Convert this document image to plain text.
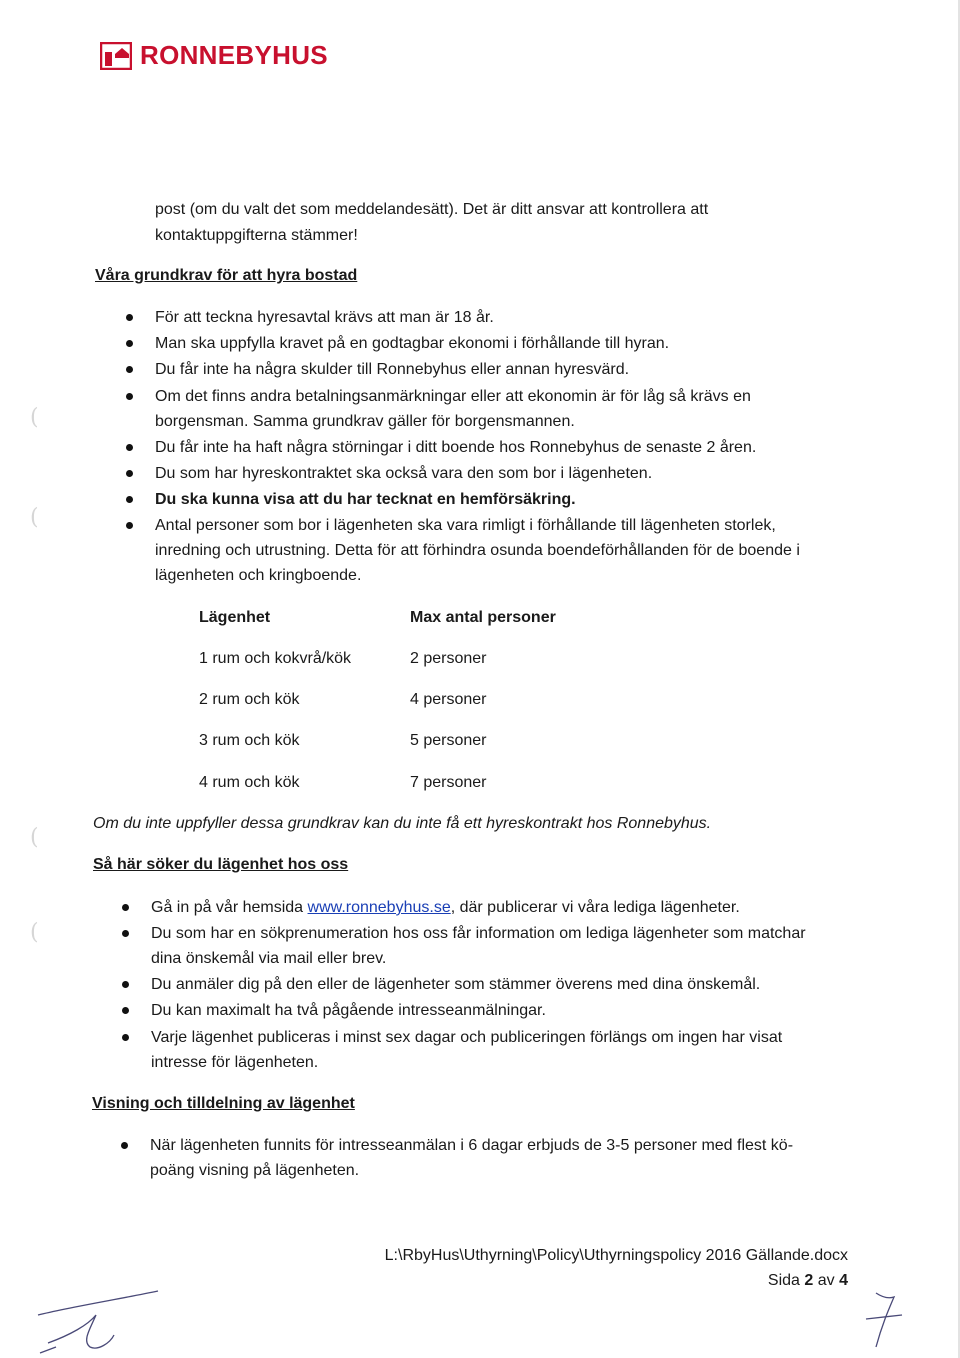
RONNEBYHUS
(
(
(
(
post (om du valt det som meddelandesätt). Det är ditt ansvar att kontrollera att
kontaktuppgifterna stämmer!
Våra grundkrav för att hyra bostad
För att teckna hyresavtal krävs att man är 18 år.
Man ska uppfylla kravet på en godtagbar ekonomi i förhållande till hyran.
Du får inte ha några skulder till Ronnebyhus eller annan hyresvärd.
Om det finns andra betalningsanmärkningar eller att ekonomin är för låg så krävs en
borgensman. Samma grundkrav gäller för borgensmannen.
Du får inte ha haft några störningar i ditt boende hos Ronnebyhus de senaste 2 åren.
Du som har hyreskontraktet ska också vara den som bor i lägenheten.
Du ska kunna visa att du har tecknat en hemförsäkring.
Antal personer som bor i lägenheten ska vara rimligt i förhållande till lägenheten storlek,
inredning och utrustning. Detta för att förhindra osunda boendeförhållanden för de boende i
lägenheten och kringboende.
Lägenhet	Max antal personer
1 rum och kokvrå/kök	2 personer
2 rum och kök	4 personer
3 rum och kök	5 personer
4 rum och kök	7 personer
Om du inte uppfyller dessa grundkrav kan du inte få ett hyreskontrakt hos Ronnebyhus.
Så här söker du lägenhet hos oss
Gå in på vår hemsida www.ronnebyhus.se, där publicerar vi våra lediga lägenheter.
Du som har en sökprenumeration hos oss får information om lediga lägenheter som matchar
dina önskemål via mail eller brev.
Du anmäler dig på den eller de lägenheter som stämmer överens med dina önskemål.
Du kan maximalt ha två pågående intresseanmälningar.
Varje lägenhet publiceras i minst sex dagar och publiceringen förlängs om ingen har visat
intresse för lägenheten.
Visning och tilldelning av lägenhet
När lägenheten funnits för intresseanmälan i 6 dagar erbjuds de 3-5 personer med flest kö-
poäng visning på lägenheten.
L:\RbyHus\Uthyrning\Policy\Uthyrningspolicy 2016 Gällande.docx
Sida 2 av 4
